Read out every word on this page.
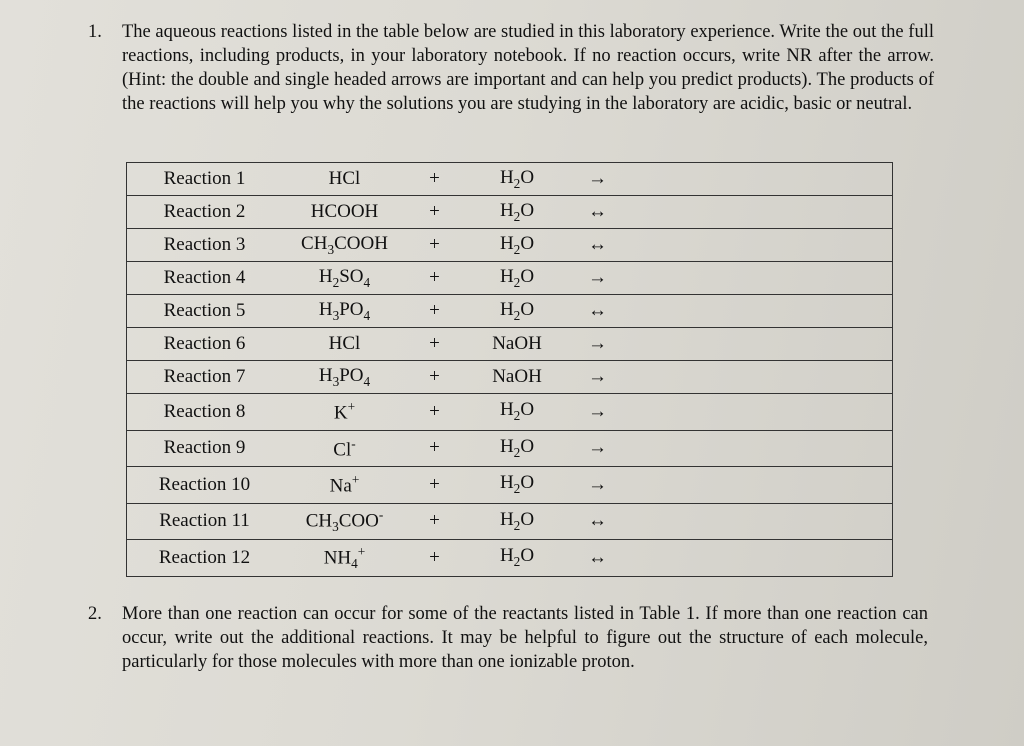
1. The aqueous reactions listed in the table below are studied in this laboratory experience. Write the out the full reactions, including products, in your laboratory notebook. If no reaction occurs, write NR after the arrow. (Hint: the double and single headed arrows are important and can help you predict products). The products of the reactions will help you why the solutions you are studying in the laboratory are acidic, basic or neutral.
Reaction 1	HCl	+	$H_2O$	→	
Reaction 2	HCOOH	+	$H_2O$	↔	
Reaction 3	$CH_3COOH$	+	$H_2O$	↔	
Reaction 4	$H_2SO_4$	+	$H_2O$	→	
Reaction 5	$H_3PO_4$	+	$H_2O$	↔	
Reaction 6	HCl	+	NaOH	→	
Reaction 7	$H_3PO_4$	+	NaOH	→	
Reaction 8	K+	+	$H_2O$	→	
Reaction 9	Cl-	+	$H_2O$	→	
Reaction 10	Na+	+	$H_2O$	→	
Reaction 11	$CH_3COO^-$	+	$H_2O$	↔	
Reaction 12	$NH_4^+$	+	$H_2O$	↔	
2. More than one reaction can occur for some of the reactants listed in Table 1. If more than one reaction can occur, write out the additional reactions. It may be helpful to figure out the structure of each molecule, particularly for those molecules with more than one ionizable proton.
